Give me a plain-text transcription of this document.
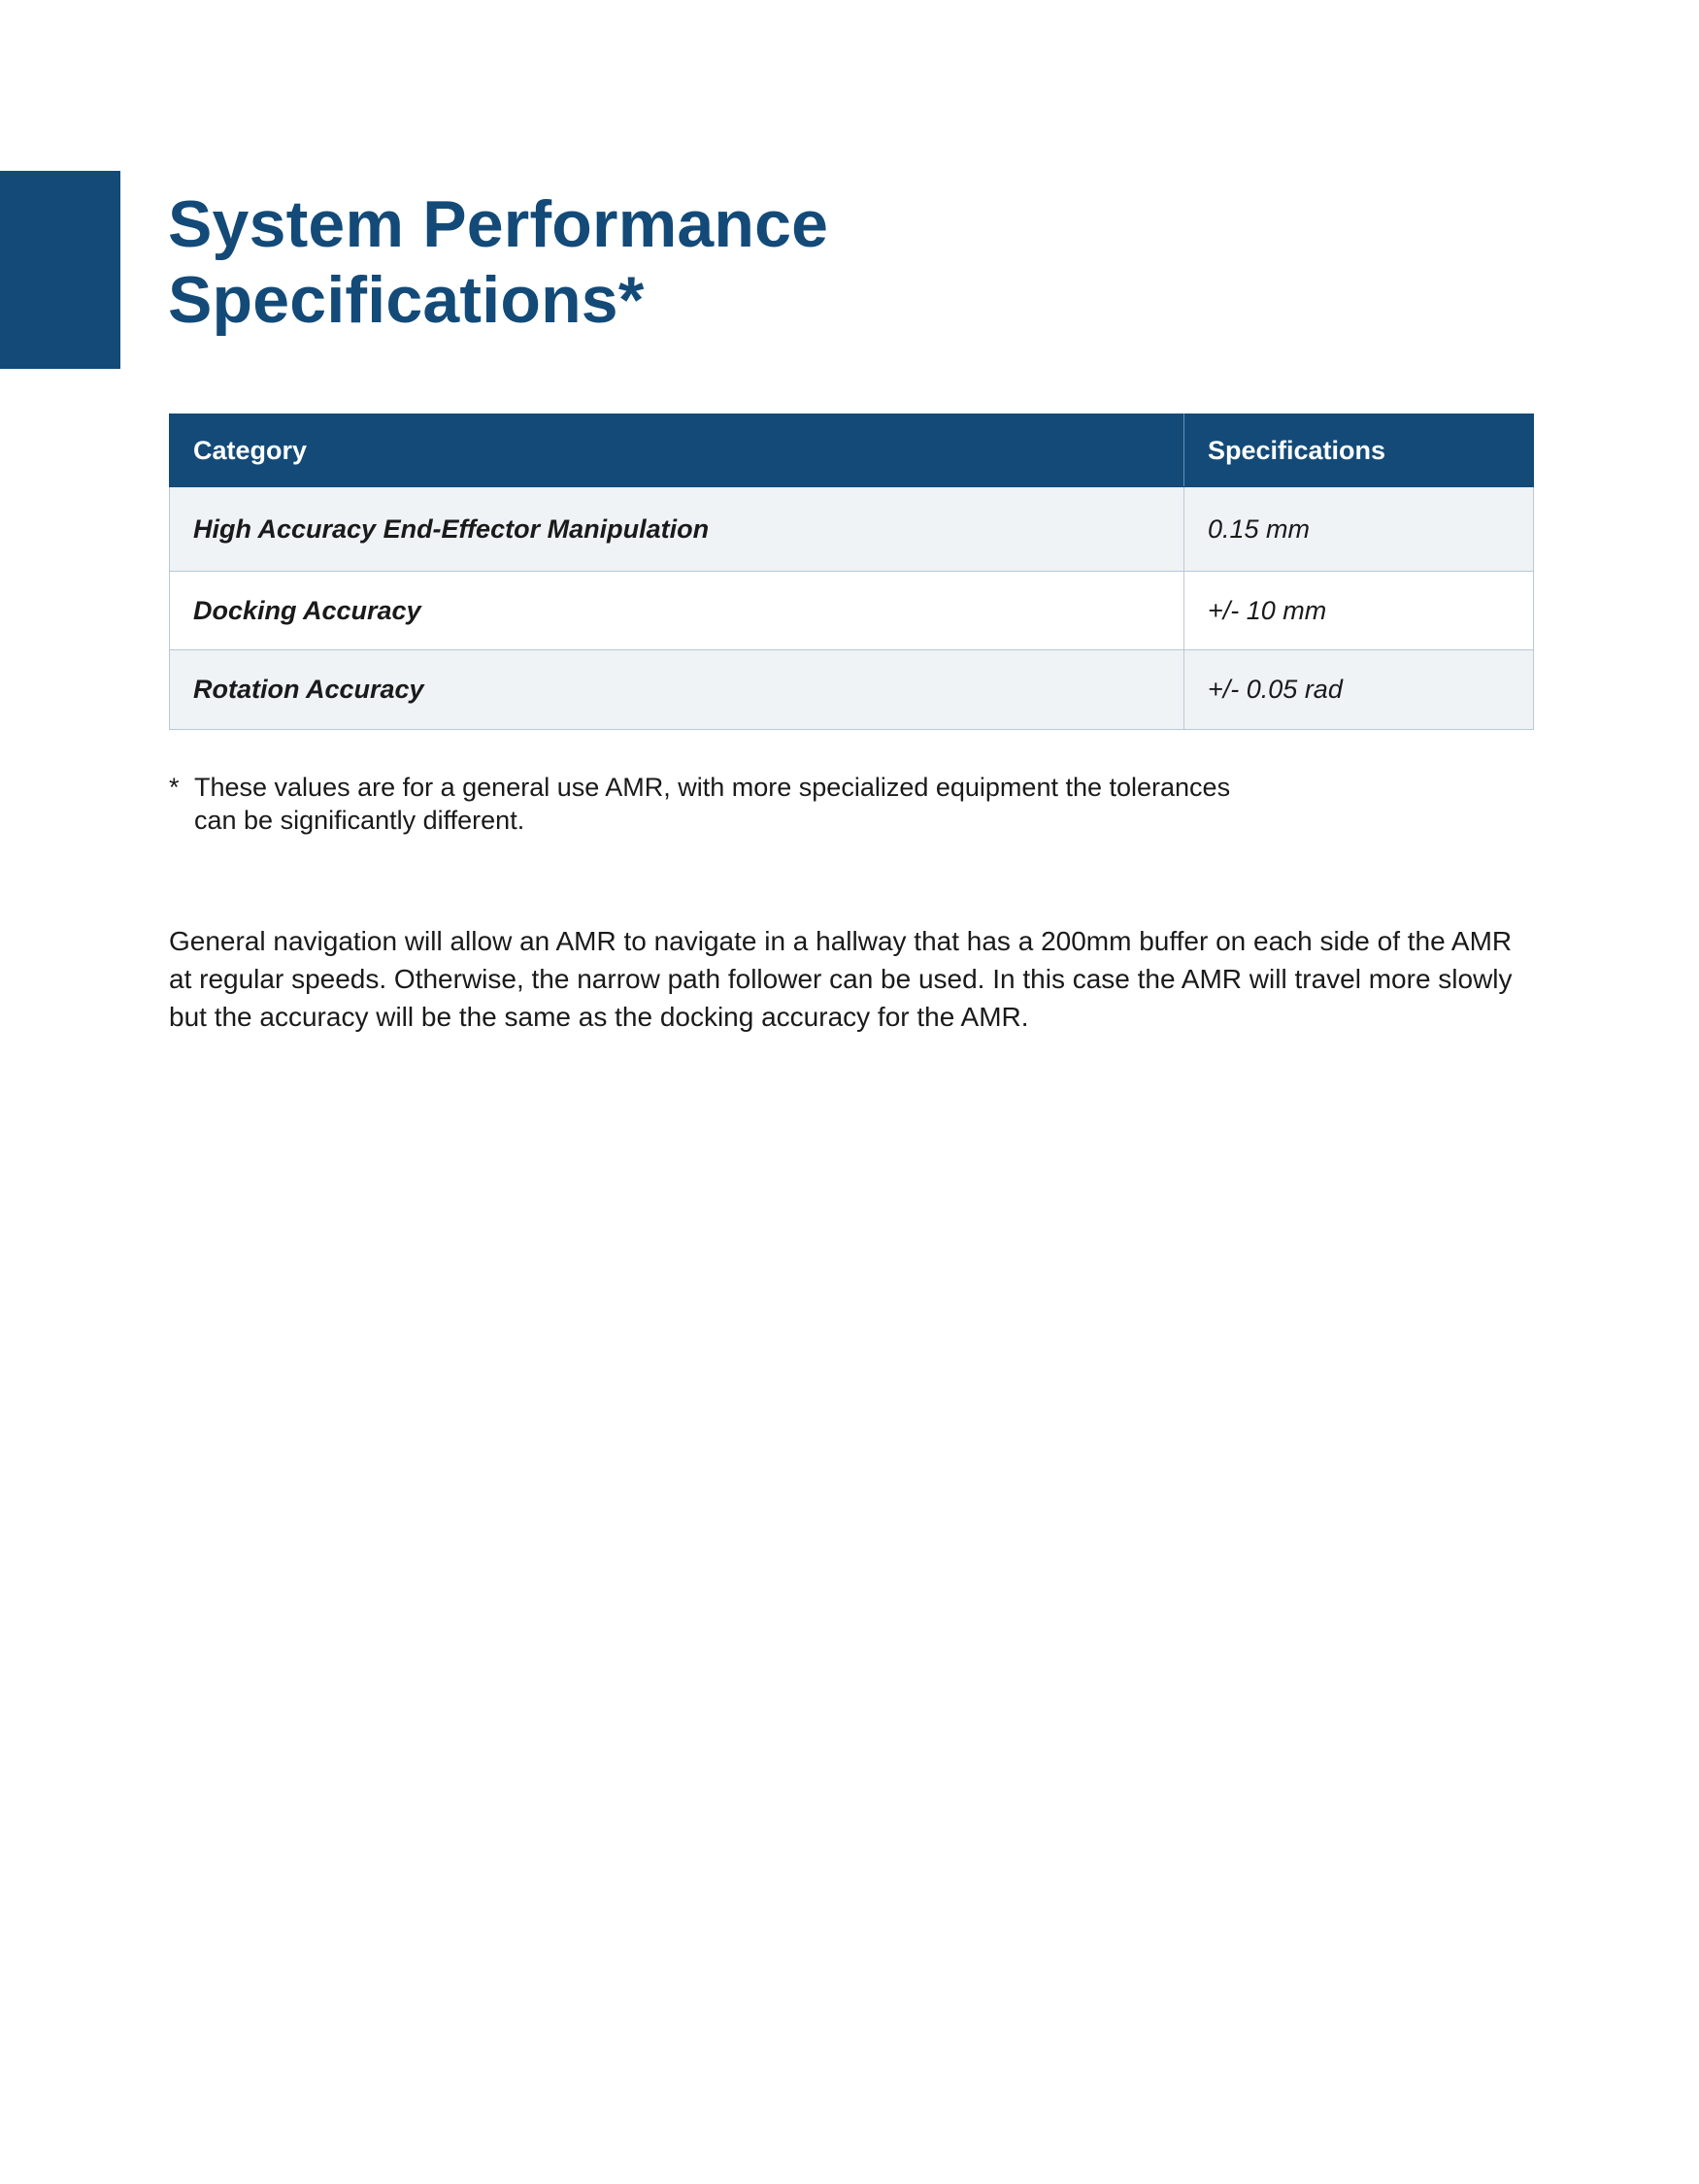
System Performance
Specifications*
Category	Specifications
High Accuracy End-Effector Manipulation	0.15 mm
Docking Accuracy	+/- 10 mm
Rotation Accuracy	+/- 0.05 rad
* These values are for a general use AMR, with more specialized equipment the tolerances
can be significantly different.

General navigation will allow an AMR to navigate in a hallway that has a 200mm buffer on each side of the AMR
at regular speeds. Otherwise, the narrow path follower can be used. In this case the AMR will travel more slowly
but the accuracy will be the same as the docking accuracy for the AMR.
